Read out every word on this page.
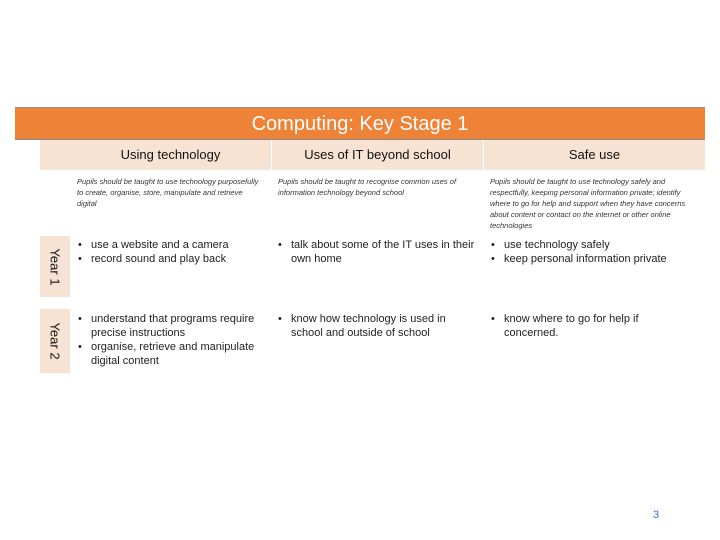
Computing: Key Stage 1
Using technology	Uses of IT beyond school	Safe use
Pupils should be taught to use technology purposefully to create, organise, store, manipulate and retrieve digital
Pupils should be taught to recognise common uses of information technology beyond school
Pupils should be taught to use technology safely and respectfully, keeping personal information private; identify where to go for help and support when they have concerns about content or contact on the internet or other online technologies
Year 1
Year 2
• use a website and a camera
• record sound and play back
• talk about some of the IT uses in their own home
• use technology safely
• keep personal information private
• understand that programs require precise instructions
• organise, retrieve and manipulate digital content
• know how technology is used in school and outside of school
• know where to go for help if concerned.
3
